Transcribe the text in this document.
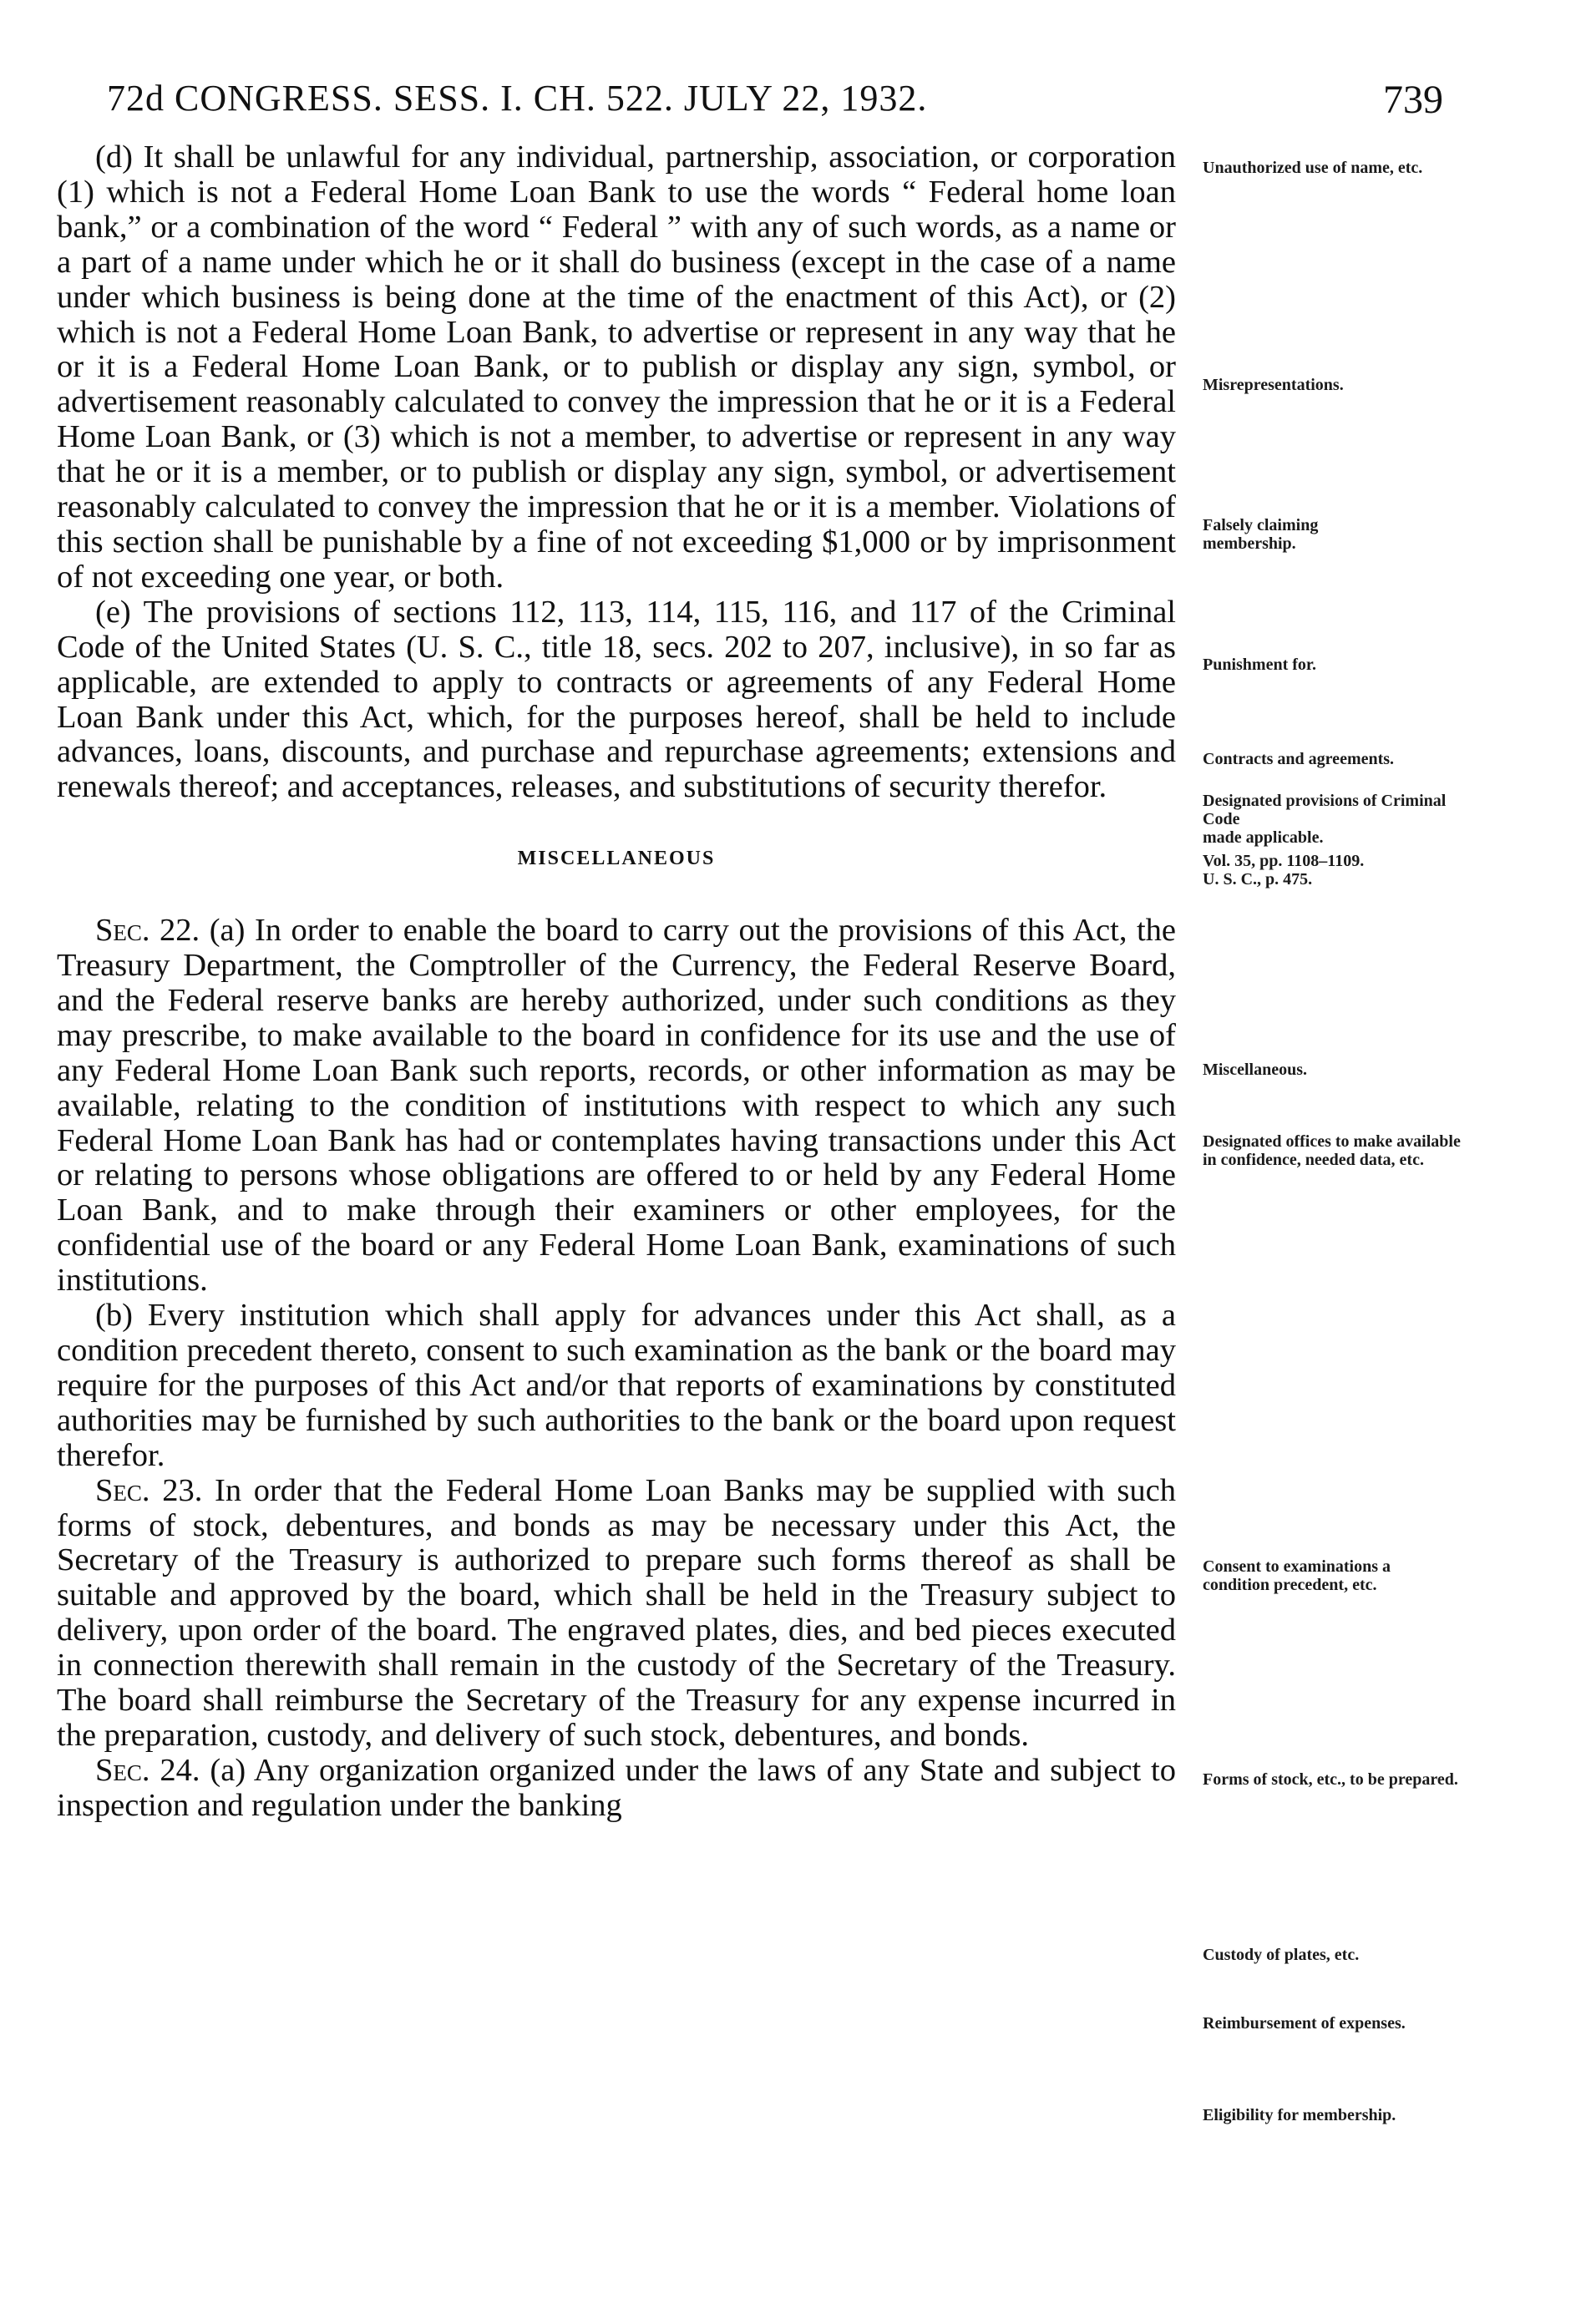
72d CONGRESS. SESS. I. CH. 522. JULY 22, 1932.	739

(d) It shall be unlawful for any individual, partnership, association, or corporation (1) which is not a Federal Home Loan Bank to use the words “ Federal home loan bank,” or a combination of the word “ Federal ” with any of such words, as a name or a part of a name under which he or it shall do business (except in the case of a name under which business is being done at the time of the enactment of this Act), or (2) which is not a Federal Home Loan Bank, to advertise or represent in any way that he or it is a Federal Home Loan Bank, or to publish or display any sign, symbol, or advertisement reasonably calculated to convey the impression that he or it is a Federal Home Loan Bank, or (3) which is not a member, to advertise or represent in any way that he or it is a member, or to publish or display any sign, symbol, or advertisement reasonably calculated to convey the impression that he or it is a member. Violations of this section shall be punishable by a fine of not exceeding $1,000 or by imprisonment of not exceeding one year, or both.

(e) The provisions of sections 112, 113, 114, 115, 116, and 117 of the Criminal Code of the United States (U. S. C., title 18, secs. 202 to 207, inclusive), in so far as applicable, are extended to apply to contracts or agreements of any Federal Home Loan Bank under this Act, which, for the purposes hereof, shall be held to include advances, loans, discounts, and purchase and repurchase agreements; extensions and renewals thereof; and acceptances, releases, and substitutions of security therefor.

MISCELLANEOUS

Sec. 22. (a) In order to enable the board to carry out the provisions of this Act, the Treasury Department, the Comptroller of the Currency, the Federal Reserve Board, and the Federal reserve banks are hereby authorized, under such conditions as they may prescribe, to make available to the board in confidence for its use and the use of any Federal Home Loan Bank such reports, records, or other information as may be available, relating to the condition of institutions with respect to which any such Federal Home Loan Bank has had or contemplates having transactions under this Act or relating to persons whose obligations are offered to or held by any Federal Home Loan Bank, and to make through their examiners or other employees, for the confidential use of the board or any Federal Home Loan Bank, examinations of such institutions.

(b) Every institution which shall apply for advances under this Act shall, as a condition precedent thereto, consent to such examination as the bank or the board may require for the purposes of this Act and/or that reports of examinations by constituted authorities may be furnished by such authorities to the bank or the board upon request therefor.

Sec. 23. In order that the Federal Home Loan Banks may be supplied with such forms of stock, debentures, and bonds as may be necessary under this Act, the Secretary of the Treasury is authorized to prepare such forms thereof as shall be suitable and approved by the board, which shall be held in the Treasury subject to delivery, upon order of the board. The engraved plates, dies, and bed pieces executed in connection therewith shall remain in the custody of the Secretary of the Treasury. The board shall reimburse the Secretary of the Treasury for any expense incurred in the preparation, custody, and delivery of such stock, debentures, and bonds.

Sec. 24. (a) Any organization organized under the laws of any State and subject to inspection and regulation under the banking

Unauthorized use of name, etc.
Misrepresentations.
Falsely claiming
membership.
Punishment for.
Contracts and agreements.
Designated provisions of Criminal Code
made applicable.
Vol. 35, pp. 1108–1109.
U. S. C., p. 475.
Miscellaneous.
Designated offices to make available in confidence, needed data, etc.
Consent to examinations a condition precedent, etc.
Forms of stock, etc., to be prepared.
Custody of plates, etc.
Reimbursement of expenses.
Eligibility for membership.
